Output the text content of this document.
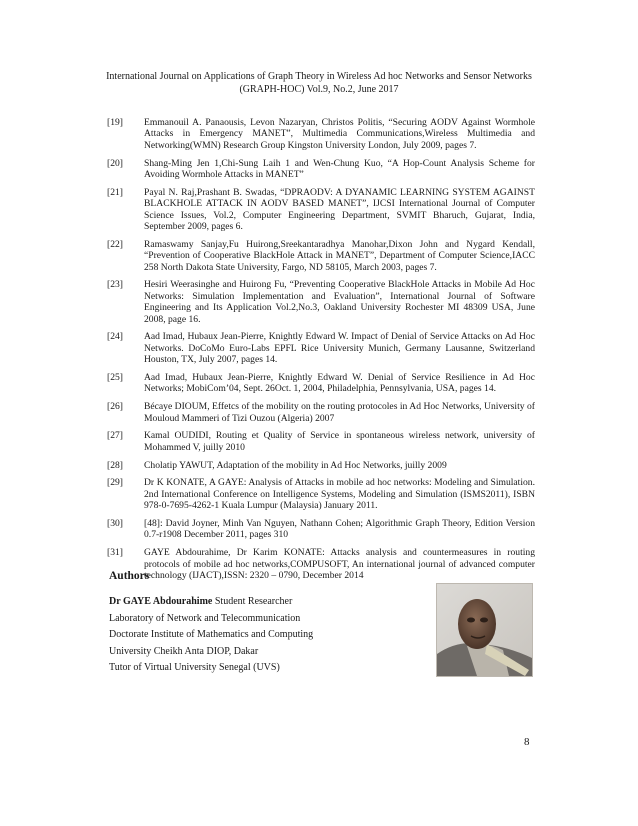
International Journal on Applications of Graph Theory in Wireless Ad hoc Networks and Sensor Networks
(GRAPH-HOC) Vol.9, No.2, June 2017
[19]	Emmanouil A. Panaousis, Levon Nazaryan, Christos Politis, “Securing AODV Against Wormhole Attacks in Emergency MANET”, Multimedia Communications,Wireless Multimedia and Networking(WMN) Research Group Kingston University London, July 2009, pages 7.
[20]	Shang-Ming Jen 1,Chi-Sung Laih 1 and Wen-Chung Kuo, “A Hop-Count Analysis Scheme for Avoiding Wormhole Attacks in MANET”
[21]	Payal N. Raj,Prashant B. Swadas, “DPRAODV: A DYANAMIC LEARNING SYSTEM AGAINST BLACKHOLE ATTACK IN AODV BASED MANET”, IJCSI International Journal of Computer Science Issues, Vol.2, Computer Engineering Department, SVMIT Bharuch, Gujarat, India, September 2009, pages 6.
[22]	Ramaswamy Sanjay,Fu Huirong,Sreekantaradhya Manohar,Dixon John and Nygard Kendall, “Prevention of Cooperative BlackHole Attack in MANET”, Department of Computer Science,IACC 258 North Dakota State University, Fargo, ND 58105, March 2003, pages 7.
[23]	Hesiri Weerasinghe and Huirong Fu, “Preventing Cooperative BlackHole Attacks in Mobile Ad Hoc Networks: Simulation Implementation and Evaluation”, International Journal of Software Engineering and Its Application Vol.2,No.3, Oakland University Rochester MI 48309 USA, June 2008, page 16.
[24]	Aad Imad, Hubaux Jean-Pierre, Knightly Edward W. Impact of Denial of Service Attacks on Ad Hoc Networks. DoCoMo Euro-Labs EPFL Rice University Munich, Germany Lausanne, Switzerland Houston, TX, July 2007, pages 14.
[25]	Aad Imad, Hubaux Jean-Pierre, Knightly Edward W. Denial of Service Resilience in Ad Hoc Networks; MobiCom’04, Sept. 26Oct. 1, 2004, Philadelphia, Pennsylvania, USA, pages 14.
[26]	Bécaye DIOUM, Effetcs of the mobility on the routing protocoles in Ad Hoc Networks, University of Mouloud Mammeri of Tizi Ouzou (Algeria) 2007
[27]	Kamal OUDIDI, Routing et Quality of Service in spontaneous wireless network, university of Mohammed V, juilly 2010
[28]	Cholatip YAWUT, Adaptation of the mobility in Ad Hoc Networks, juilly 2009
[29]	Dr K KONATE, A GAYE: Analysis of Attacks in mobile ad hoc networks: Modeling and Simulation. 2nd International Conference on Intelligence Systems, Modeling and Simulation (ISMS2011), ISBN 978-0-7695-4262-1 Kuala Lumpur (Malaysia) January 2011.
[30]	[48]: David Joyner, Minh Van Nguyen, Nathann Cohen; Algorithmic Graph Theory, Edition Version 0.7-r1908 December 2011, pages 310
[31]	GAYE Abdourahime, Dr Karim KONATE: Attacks analysis and countermeasures in routing protocols of mobile ad hoc networks,COMPUSOFT, An international journal of advanced computer technology (IJACT),ISSN: 2320 – 0790, December 2014
Authors
Dr GAYE Abdourahime Student Researcher
Laboratory of Network and Telecommunication
Doctorate Institute of Mathematics and Computing
University Cheikh Anta DIOP, Dakar
Tutor of Virtual University Senegal (UVS)
8
